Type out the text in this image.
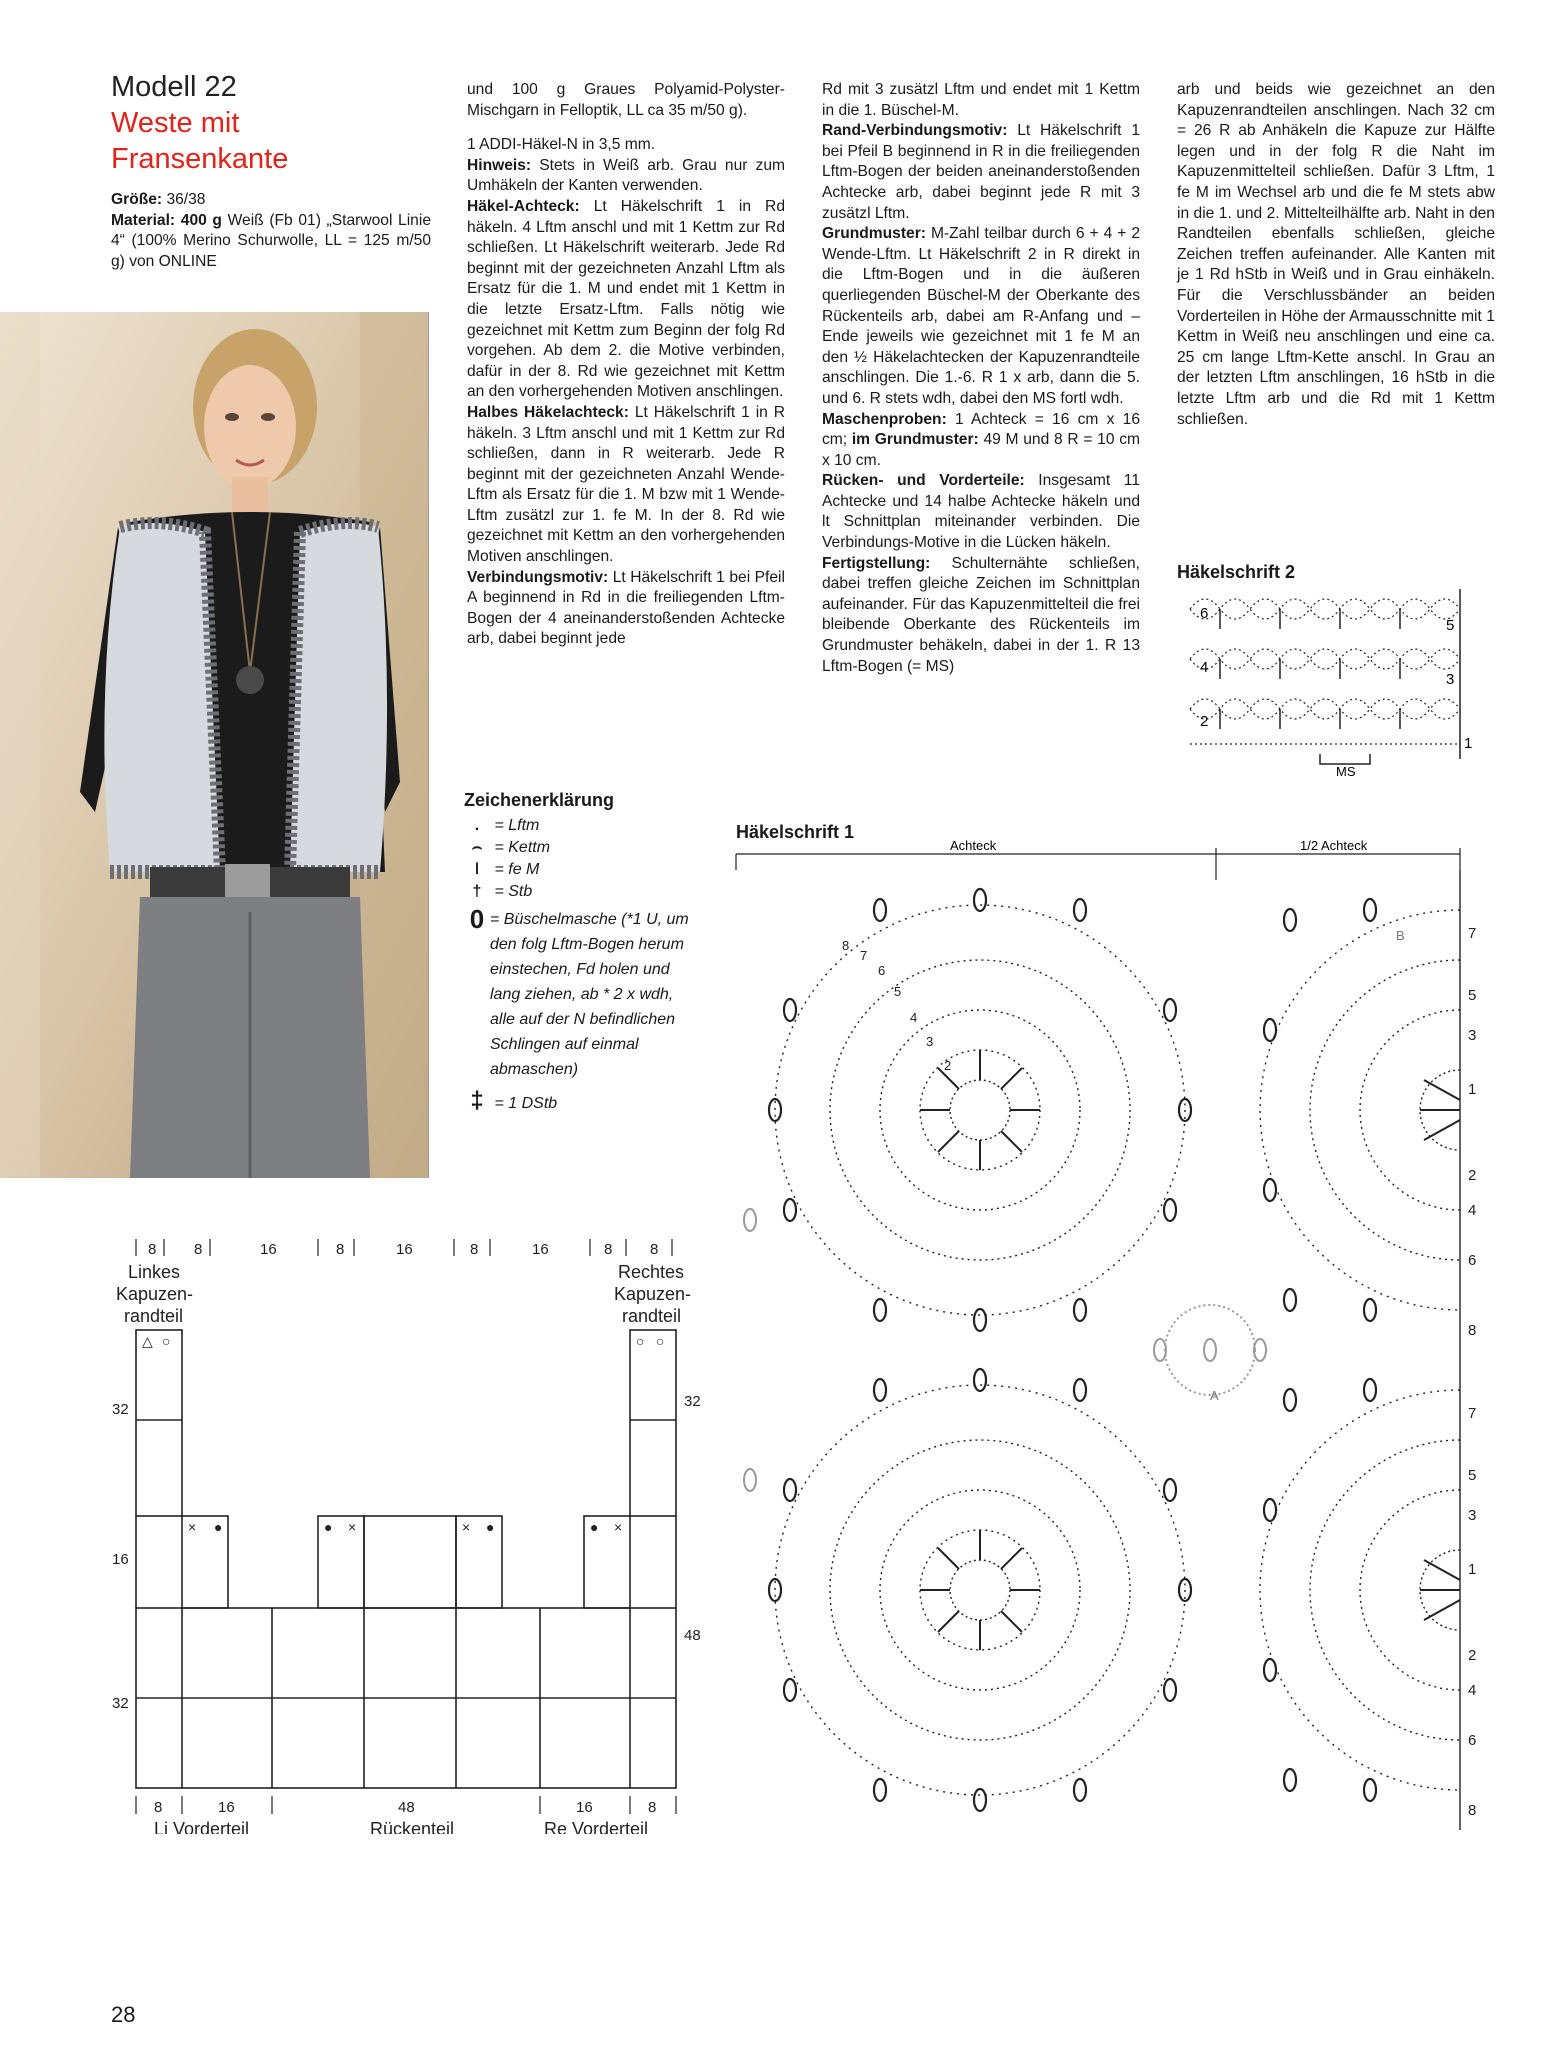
Modell 22
Weste mit
Fransenkante

Größe: 36/38

Material: 400 g Weiß (Fb 01) „Starwool Linie 4“ (100% Merino Schurwolle, LL = 125 m/50 g) von ONLINE

und 100 g Graues Polyamid-Polyster-Mischgarn in Felloptik, LL ca 35 m/50 g).

1 ADDI-Häkel-N in 3,5 mm.

Hinweis: Stets in Weiß arb. Grau nur zum Umhäkeln der Kanten verwenden.

Häkel-Achteck: Lt Häkelschrift 1 in Rd häkeln. 4 Lftm anschl und mit 1 Kettm zur Rd schließen. Lt Häkelschrift weiterarb. Jede Rd beginnt mit der gezeichneten Anzahl Lftm als Ersatz für die 1. M und endet mit 1 Kettm in die letzte Ersatz-Lftm. Falls nötig wie gezeichnet mit Kettm zum Beginn der folg Rd vorgehen. Ab dem 2. die Motive verbinden, dafür in der 8. Rd wie gezeichnet mit Kettm an den vorhergehenden Motiven anschlingen.

Halbes Häkelachteck: Lt Häkelschrift 1 in R häkeln. 3 Lftm anschl und mit 1 Kettm zur Rd schließen, dann in R weiterarb. Jede R beginnt mit der gezeichneten Anzahl Wende-Lftm als Ersatz für die 1. M bzw mit 1 Wende-Lftm zusätzl zur 1. fe M. In der 8. Rd wie gezeichnet mit Kettm an den vorhergehenden Motiven anschlingen.

Verbindungsmotiv: Lt Häkelschrift 1 bei Pfeil A beginnend in Rd in die freiliegenden Lftm-Bogen der 4 aneinanderstoßenden Achtecke arb, dabei beginnt jede

Rd mit 3 zusätzl Lftm und endet mit 1 Kettm in die 1. Büschel-M.

Rand-Verbindungsmotiv: Lt Häkelschrift 1 bei Pfeil B beginnend in R in die freiliegenden Lftm-Bogen der beiden aneinanderstoßenden Achtecke arb, dabei beginnt jede R mit 3 zusätzl Lftm.

Grundmuster: M-Zahl teilbar durch 6 + 4 + 2 Wende-Lftm. Lt Häkelschrift 2 in R direkt in die Lftm-Bogen und in die äußeren querliegenden Büschel-M der Oberkante des Rückenteils arb, dabei am R-Anfang und –Ende jeweils wie gezeichnet mit 1 fe M an den ½ Häkelachtecken der Kapuzenrandteile anschlingen. Die 1.-6. R 1 x arb, dann die 5. und 6. R stets wdh, dabei den MS fortl wdh.

Maschenproben: 1 Achteck = 16 cm x 16 cm; im Grundmuster: 49 M und 8 R = 10 cm x 10 cm.

Rücken- und Vorderteile: Insgesamt 11 Achtecke und 14 halbe Achtecke häkeln und lt Schnittplan miteinander verbinden. Die Verbindungs-Motive in die Lücken häkeln.

Fertigstellung: Schulternähte schließen, dabei treffen gleiche Zeichen im Schnittplan aufeinander. Für das Kapuzenmittelteil die frei bleibende Oberkante des Rückenteils im Grundmuster behäkeln, dabei in der 1. R 13 Lftm-Bogen (= MS)

arb und beids wie gezeichnet an den Kapuzenrandteilen anschlingen. Nach 32 cm = 26 R ab Anhäkeln die Kapuze zur Hälfte legen und in der folg R die Naht im Kapuzenmittelteil schließen. Dafür 3 Lftm, 1 fe M im Wechsel arb und die fe M stets abw in die 1. und 2. Mittelteilhälfte arb. Naht in den Randteilen ebenfalls schließen, gleiche Zeichen treffen aufeinander. Alle Kanten mit je 1 Rd hStb in Weiß und in Grau einhäkeln. Für die Verschlussbänder an beiden Vorderteilen in Höhe der Armausschnitte mit 1 Kettm in Weiß neu anschlingen und eine ca. 25 cm lange Lftm-Kette anschl. In Grau an der letzten Lftm anschlingen, 16 hStb in die letzte Lftm arb und die Rd mit 1 Kettm schließen.

Zeichenerklärung
. = Lftm
⌢ = Kettm
ǀ = fe M
† = Stb
0 = Büschelmasche (*1 U, um den folg Lftm-Bogen herum einstechen, Fd holen und lang ziehen, ab * 2 x wdh, alle auf der N befindlichen Schlingen auf einmal abmaschen)
‡ = 1 DStb
Häkelschrift 2
6
4
2
5
3
1
MS
Häkelschrift 1
Achteck	1/2 Achteck
8
7
6
5
4
3
2
A
B	7
5
3
1
2
4
6
8
7
5
3
1
2
4
6
8
8	8	16	8	16	8	16	8	8
Linkes
Kapuzen-
randteil
Rechtes
Kapuzen-
randteil
△ ○	○ ○
× ●	● ×	× ●	● ×
32
16
32
32
48
8	16	48	16	8
Li Vorderteil	Rückenteil	Re Vorderteil
28
